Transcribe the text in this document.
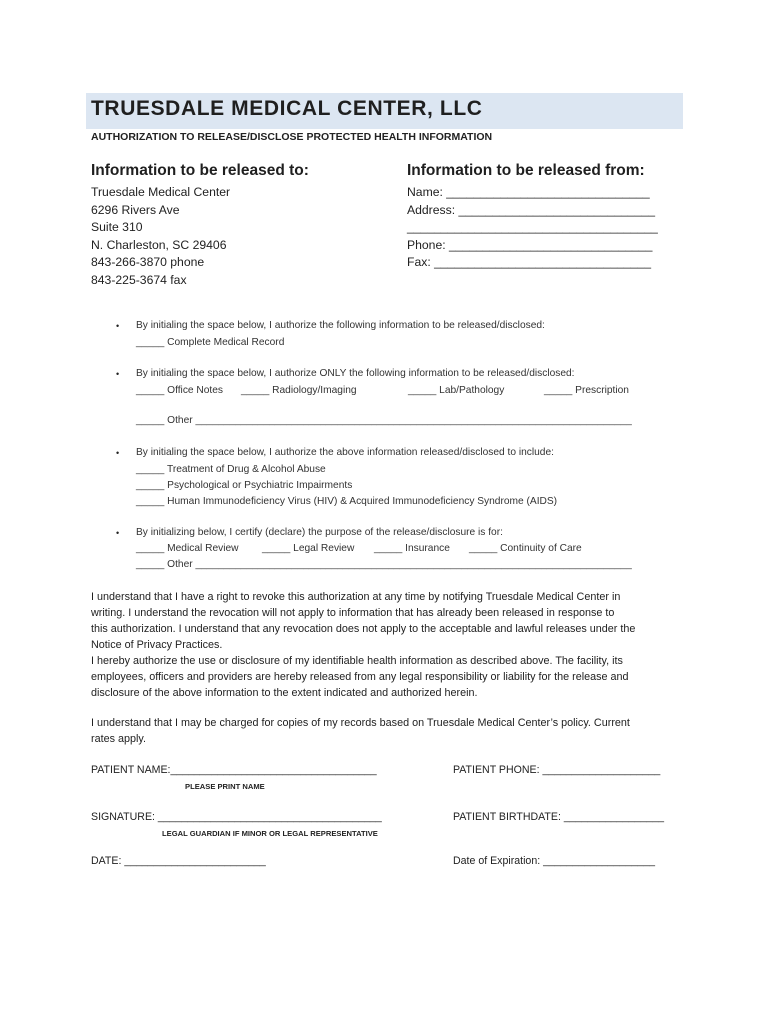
TRUESDALE MEDICAL CENTER, LLC
AUTHORIZATION TO RELEASE/DISCLOSE PROTECTED HEALTH INFORMATION
Information to be released to:
Truesdale Medical Center
6296 Rivers Ave
Suite 310
N. Charleston, SC 29406
843-266-3870 phone
843-225-3674 fax
Information to be released from:
Name: ______________________________
Address: _____________________________
_____________________________________
Phone: ______________________________
Fax: ________________________________
• By initialing the space below, I authorize the following information to be released/disclosed:
_____ Complete Medical Record
• By initialing the space below, I authorize ONLY the following information to be released/disclosed:
_____ Office Notes _____ Radiology/Imaging	_____ Lab/Pathology	_____ Prescription
_____ Other _____________________________________________________________________________
• By initialing the space below, I authorize the above information released/disclosed to include:
_____ Treatment of Drug & Alcohol Abuse
_____ Psychological or Psychiatric Impairments
_____ Human Immunodeficiency Virus (HIV) & Acquired Immunodeficiency Syndrome (AIDS)
• By initializing below, I certify (declare) the purpose of the release/disclosure is for:
_____ Medical Review _____ Legal Review _____ Insurance _____ Continuity of Care
_____ Other _____________________________________________________________________________
I understand that I have a right to revoke this authorization at any time by notifying Truesdale Medical Center in
writing. I understand the revocation will not apply to information that has already been released in response to
this authorization. I understand that any revocation does not apply to the acceptable and lawful releases under the
Notice of Privacy Practices.
I hereby authorize the use or disclosure of my identifiable health information as described above. The facility, its
employees, officers and providers are hereby released from any legal responsibility or liability for the release and
disclosure of the above information to the extent indicated and authorized herein.
I understand that I may be charged for copies of my records based on Truesdale Medical Center’s policy. Current
rates apply.
PATIENT NAME:___________________________________
PLEASE PRINT NAME
PATIENT PHONE: ____________________
SIGNATURE: ______________________________________
LEGAL GUARDIAN IF MINOR OR LEGAL REPRESENTATIVE
PATIENT BIRTHDATE: _________________
DATE: ________________________	Date of Expiration: ___________________
